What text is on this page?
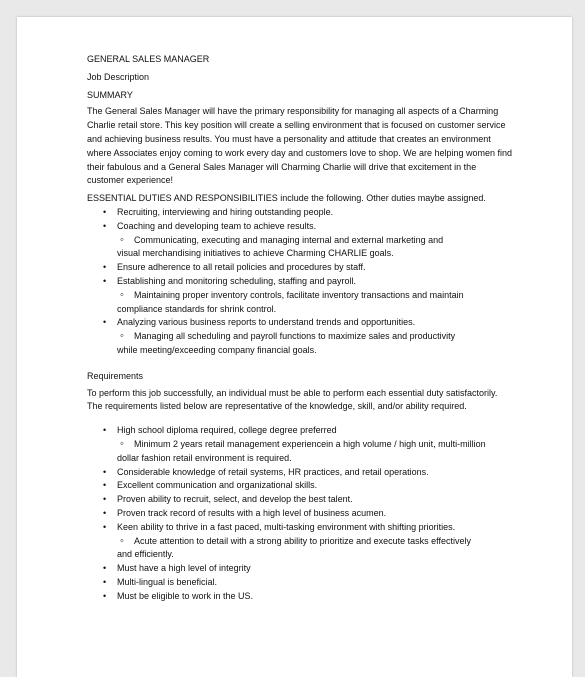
GENERAL SALES MANAGER

Job Description

SUMMARY

The General Sales Manager will have the primary responsibility for managing all aspects of a Charming

Charlie retail store. This key position will create a selling environment that is focused on customer service

and achieving business results. You must have a personality and attitude that creates an environment

where Associates enjoy coming to work every day and customers love to shop. We are helping women find

their fabulous and a General Sales Manager will Charming Charlie will drive that excitement in the

customer experience!

ESSENTIAL DUTIES AND RESPONSIBILITIES include the following. Other duties maybe assigned.

• Recruiting, interviewing and hiring outstanding people.
• Coaching and developing team to achieve results.
◦ Communicating, executing and managing internal and external marketing and
visual merchandising initiatives to achieve Charming CHARLIE goals.
• Ensure adherence to all retail policies and procedures by staff.
• Establishing and monitoring scheduling, staffing and payroll.
◦ Maintaining proper inventory controls, facilitate inventory transactions and maintain
compliance standards for shrink control.
• Analyzing various business reports to understand trends and opportunities.
◦ Managing all scheduling and payroll functions to maximize sales and productivity
while meeting/exceeding company financial goals.

Requirements

To perform this job successfully, an individual must be able to perform each essential duty satisfactorily.

The requirements listed below are representative of the knowledge, skill, and/or ability required.

• High school diploma required, college degree preferred
◦ Minimum 2 years retail management experiencein a high volume / high unit, multi-million
dollar fashion retail environment is required.
• Considerable knowledge of retail systems, HR practices, and retail operations.
• Excellent communication and organizational skills.
• Proven ability to recruit, select, and develop the best talent.
• Proven track record of results with a high level of business acumen.
• Keen ability to thrive in a fast paced, multi-tasking environment with shifting priorities.
◦ Acute attention to detail with a strong ability to prioritize and execute tasks effectively
and efficiently.
• Must have a high level of integrity
• Multi-lingual is beneficial.
• Must be eligible to work in the US.
